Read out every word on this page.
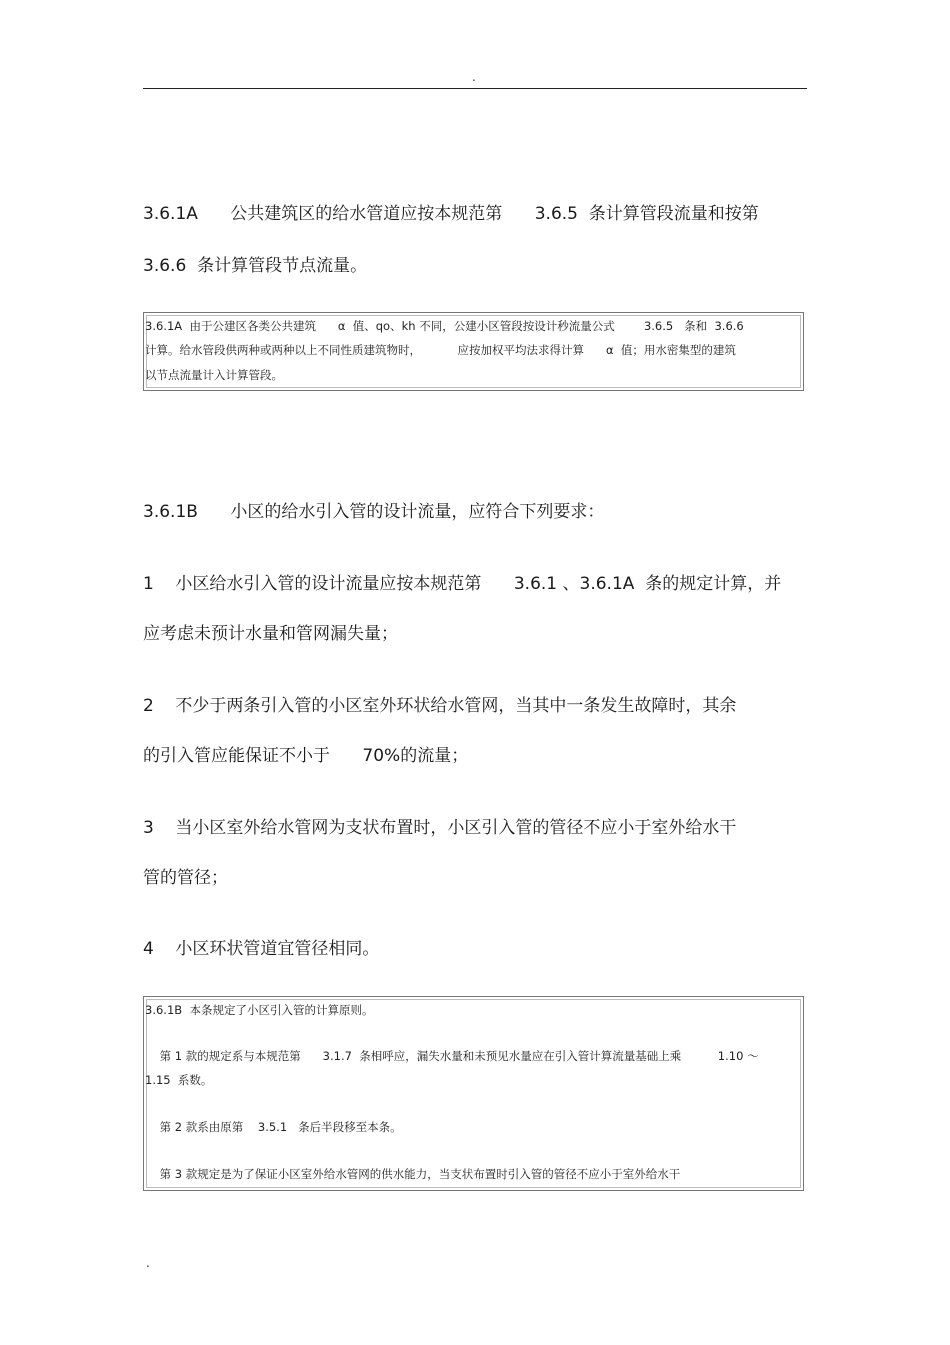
.
3.6.1A      公共建筑区的给水管道应按本规范第      3.6.5  条计算管段流量和按第
3.6.6  条计算管段节点流量。
3.6.1A  由于公建区各类公共建筑      α  值、qo、kh 不同，公建小区管段按设计秒流量公式        3.6.5   条和  3.6.6
计算。给水管段供两种或两种以上不同性质建筑物时，          应按加权平均法求得计算      α  值；用水密集型的建筑
以节点流量计入计算管段。
3.6.1B      小区的给水引入管的设计流量，应符合下列要求：
1    小区给水引入管的设计流量应按本规范第      3.6.1 、3.6.1A  条的规定计算，并
应考虑未预计水量和管网漏失量；
2    不少于两条引入管的小区室外环状给水管网，当其中一条发生故障时，其余
的引入管应能保证不小于      70%的流量；
3    当小区室外给水管网为支状布置时，小区引入管的管径不应小于室外给水干
管的管径；
4    小区环状管道宜管径相同。
3.6.1B  本条规定了小区引入管的计算原则。
第 1 款的规定系与本规范第      3.1.7  条相呼应，漏失水量和未预见水量应在引入管计算流量基础上乘          1.10 ～
1.15  系数。
第 2 款系由原第    3.5.1   条后半段移至本条。
第 3 款规定是为了保证小区室外给水管网的供水能力，当支状布置时引入管的管径不应小于室外给水干
.
